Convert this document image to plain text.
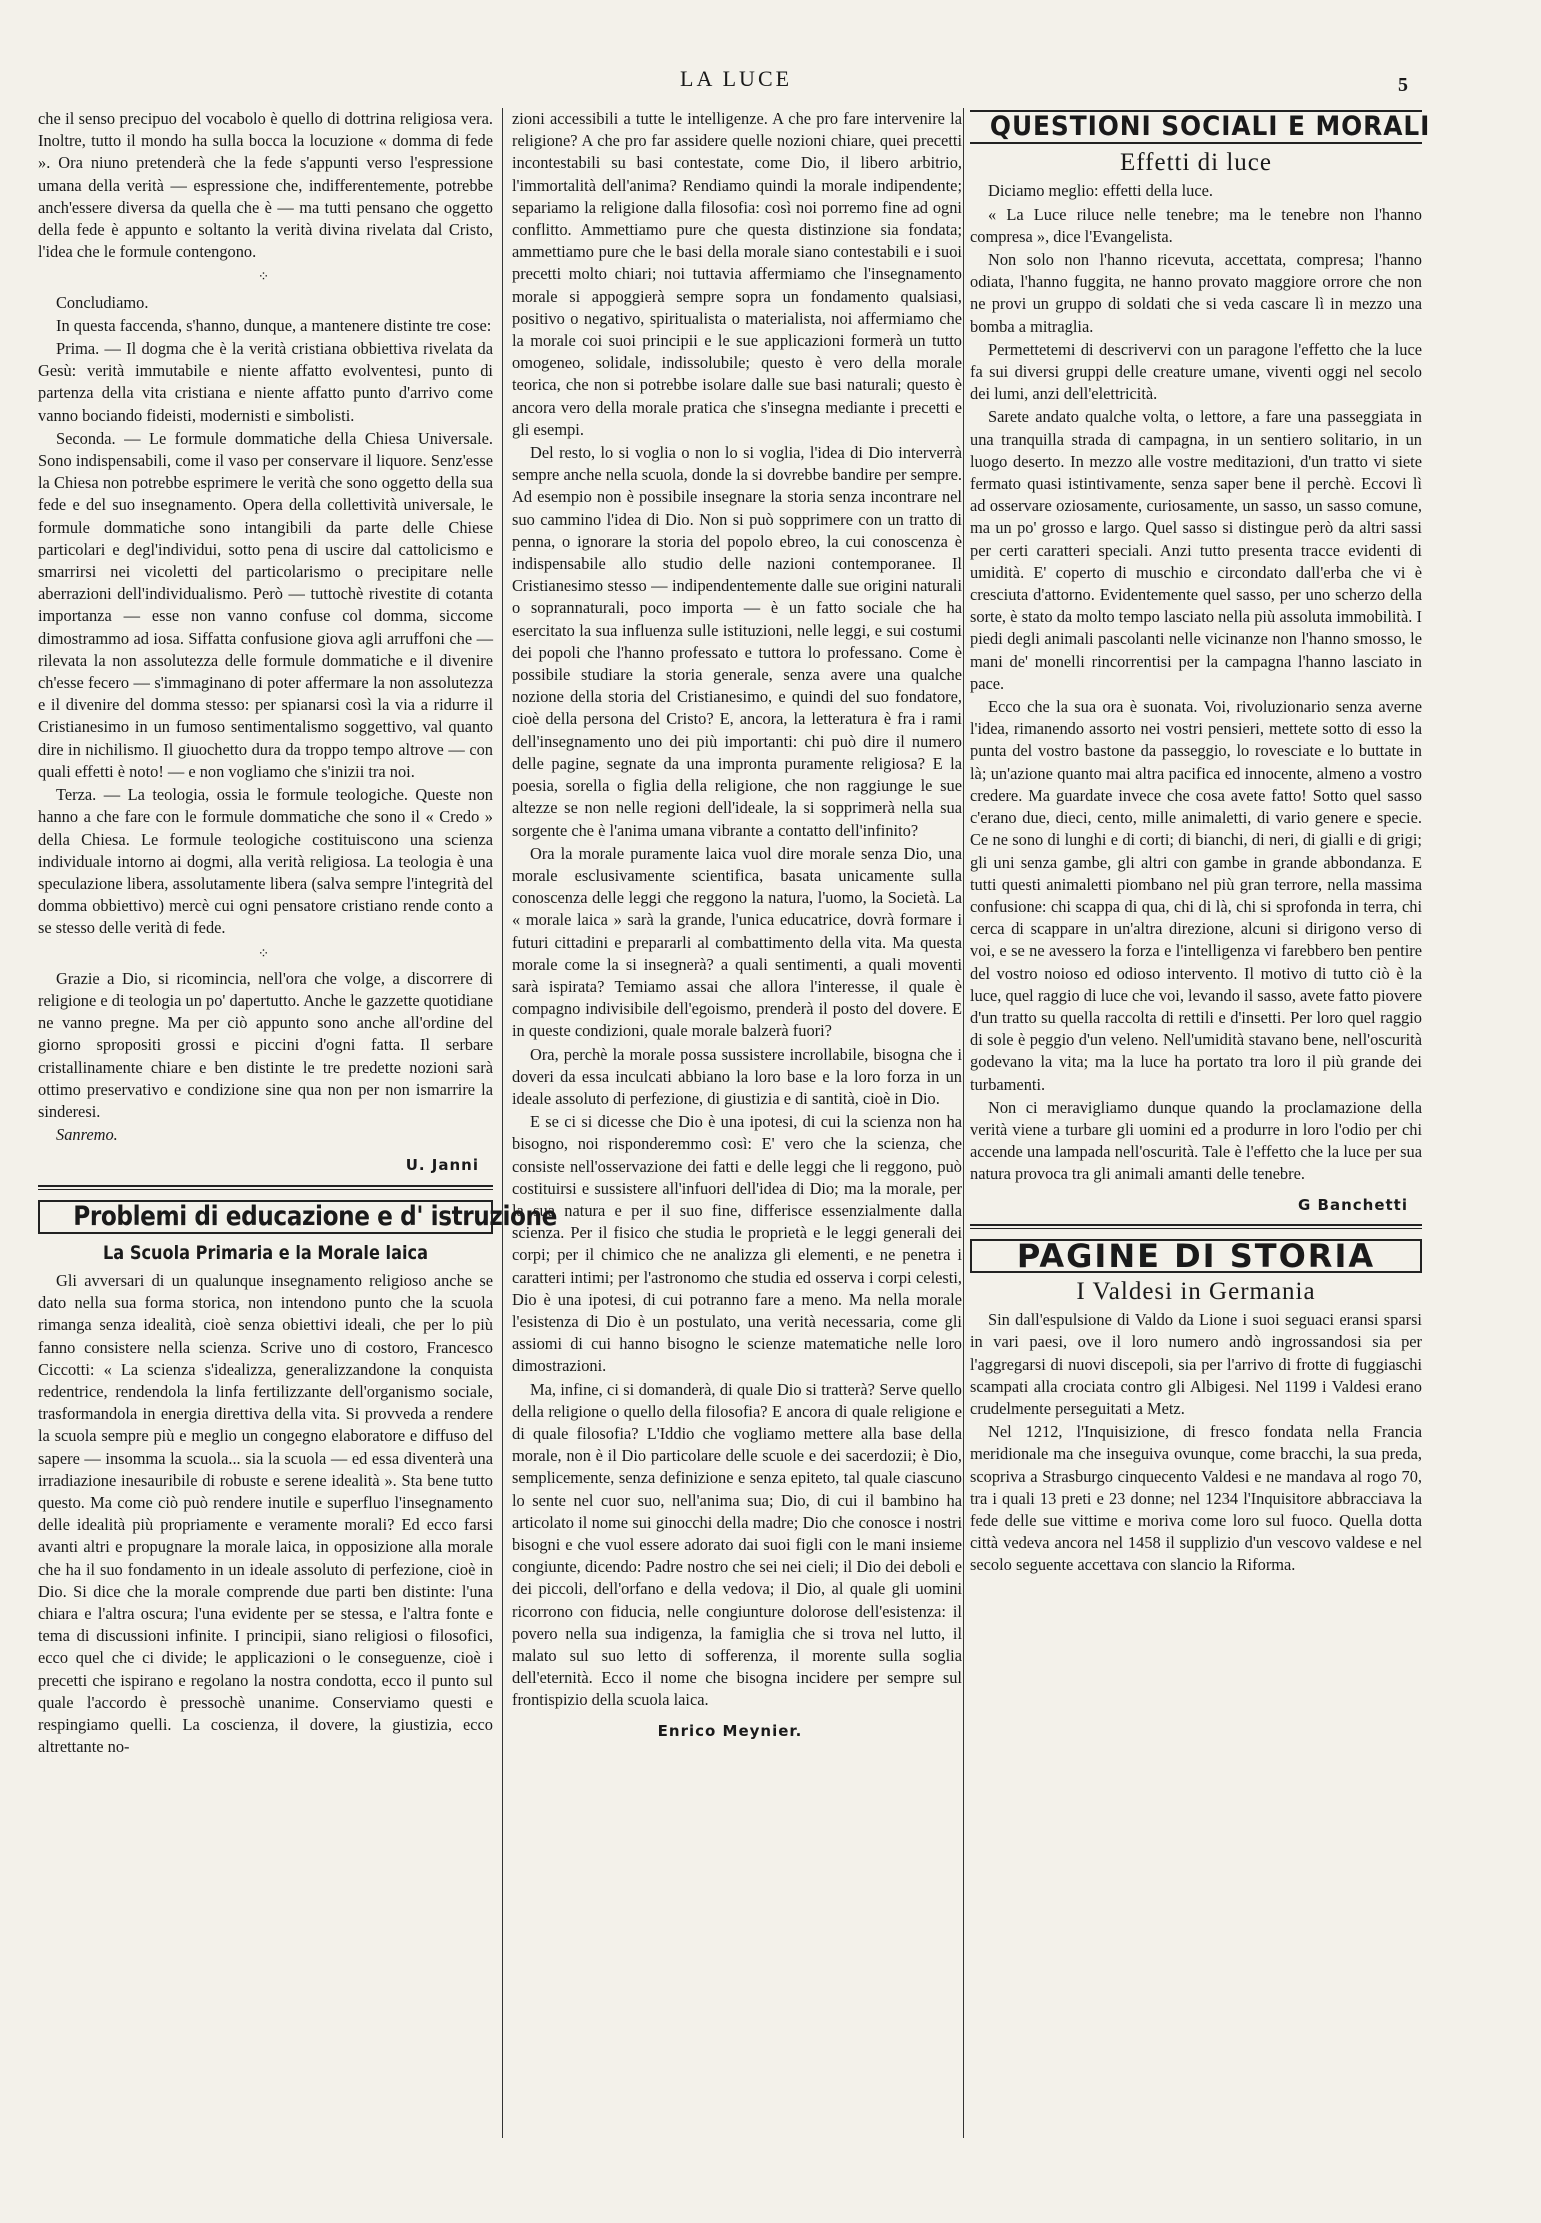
LA LUCE	5

che il senso precipuo del vocabolo è quello di dottrina religiosa vera. Inoltre, tutto il mondo ha sulla bocca la locuzione « domma di fede ». Ora niuno pretenderà che la fede s'appunti verso l'espressione umana della verità — espressione che, indifferentemente, potrebbe anch'essere diversa da quella che è — ma tutti pensano che oggetto della fede è appunto e soltanto la verità divina rivelata dal Cristo, l'idea che le formule contengono.

⁘

Concludiamo.

In questa faccenda, s'hanno, dunque, a mantenere distinte tre cose:

Prima. — Il dogma che è la verità cristiana obbiettiva rivelata da Gesù: verità immutabile e niente affatto evolventesi, punto di partenza della vita cristiana e niente affatto punto d'arrivo come vanno bociando fideisti, modernisti e simbolisti.

Seconda. — Le formule dommatiche della Chiesa Universale. Sono indispensabili, come il vaso per conservare il liquore. Senz'esse la Chiesa non potrebbe esprimere le verità che sono oggetto della sua fede e del suo insegnamento. Opera della collettività universale, le formule dommatiche sono intangibili da parte delle Chiese particolari e degl'individui, sotto pena di uscire dal cattolicismo e smarrirsi nei vicoletti del particolarismo o precipitare nelle aberrazioni dell'individualismo. Però — tuttochè rivestite di cotanta importanza — esse non vanno confuse col domma, siccome dimostrammo ad iosa. Siffatta confusione giova agli arruffoni che — rilevata la non assolutezza delle formule dommatiche e il divenire ch'esse fecero — s'immaginano di poter affermare la non assolutezza e il divenire del domma stesso: per spianarsi così la via a ridurre il Cristianesimo in un fumoso sentimentalismo soggettivo, val quanto dire in nichilismo. Il giuochetto dura da troppo tempo altrove — con quali effetti è noto! — e non vogliamo che s'inizii tra noi.

Terza. — La teologia, ossia le formule teologiche. Queste non hanno a che fare con le formule dommatiche che sono il « Credo » della Chiesa. Le formule teologiche costituiscono una scienza individuale intorno ai dogmi, alla verità religiosa. La teologia è una speculazione libera, assolutamente libera (salva sempre l'integrità del domma obbiettivo) mercè cui ogni pensatore cristiano rende conto a se stesso delle verità di fede.

⁘

Grazie a Dio, si ricomincia, nell'ora che volge, a discorrere di religione e di teologia un po' dapertutto. Anche le gazzette quotidiane ne vanno pregne. Ma per ciò appunto sono anche all'ordine del giorno spropositi grossi e piccini d'ogni fatta. Il serbare cristallinamente chiare e ben distinte le tre predette nozioni sarà ottimo preservativo e condizione sine qua non per non ismarrire la sinderesi.

Sanremo.

U. Janni
Problemi di educazione e d' istruzione
La Scuola Primaria e la Morale laica

Gli avversari di un qualunque insegnamento religioso anche se dato nella sua forma storica, non intendono punto che la scuola rimanga senza idealità, cioè senza obiettivi ideali, che per lo più fanno consistere nella scienza. Scrive uno di costoro, Francesco Ciccotti: « La scienza s'idealizza, generalizzandone la conquista redentrice, rendendola la linfa fertilizzante dell'organismo sociale, trasformandola in energia direttiva della vita. Si provveda a rendere la scuola sempre più e meglio un congegno elaboratore e diffuso del sapere — insomma la scuola... sia la scuola — ed essa diventerà una irradiazione inesauribile di robuste e serene idealità ». Sta bene tutto questo. Ma come ciò può rendere inutile e superfluo l'insegnamento delle idealità più propriamente e veramente morali? Ed ecco farsi avanti altri e propugnare la morale laica, in opposizione alla morale che ha il suo fondamento in un ideale assoluto di perfezione, cioè in Dio. Si dice che la morale comprende due parti ben distinte: l'una chiara e l'altra oscura; l'una evidente per se stessa, e l'altra fonte e tema di discussioni infinite. I principii, siano religiosi o filosofici, ecco quel che ci divide; le applicazioni o le conseguenze, cioè i precetti che ispirano e regolano la nostra condotta, ecco il punto sul quale l'accordo è pressochè unanime. Conserviamo questi e respingiamo quelli. La coscienza, il dovere, la giustizia, ecco altrettante no-

zioni accessibili a tutte le intelligenze. A che pro fare intervenire la religione? A che pro far assidere quelle nozioni chiare, quei precetti incontestabili su basi contestate, come Dio, il libero arbitrio, l'immortalità dell'anima? Rendiamo quindi la morale indipendente; separiamo la religione dalla filosofia: così noi porremo fine ad ogni conflitto. Ammettiamo pure che questa distinzione sia fondata; ammettiamo pure che le basi della morale siano contestabili e i suoi precetti molto chiari; noi tuttavia affermiamo che l'insegnamento morale si appoggierà sempre sopra un fondamento qualsiasi, positivo o negativo, spiritualista o materialista, noi affermiamo che la morale coi suoi principii e le sue applicazioni formerà un tutto omogeneo, solidale, indissolubile; questo è vero della morale teorica, che non si potrebbe isolare dalle sue basi naturali; questo è ancora vero della morale pratica che s'insegna mediante i precetti e gli esempi.

Del resto, lo si voglia o non lo si voglia, l'idea di Dio interverrà sempre anche nella scuola, donde la si dovrebbe bandire per sempre. Ad esempio non è possibile insegnare la storia senza incontrare nel suo cammino l'idea di Dio. Non si può sopprimere con un tratto di penna, o ignorare la storia del popolo ebreo, la cui conoscenza è indispensabile allo studio delle nazioni contemporanee. Il Cristianesimo stesso — indipendentemente dalle sue origini naturali o soprannaturali, poco importa — è un fatto sociale che ha esercitato la sua influenza sulle istituzioni, nelle leggi, e sui costumi dei popoli che l'hanno professato e tuttora lo professano. Come è possibile studiare la storia generale, senza avere una qualche nozione della storia del Cristianesimo, e quindi del suo fondatore, cioè della persona del Cristo? E, ancora, la letteratura è fra i rami dell'insegnamento uno dei più importanti: chi può dire il numero delle pagine, segnate da una impronta puramente religiosa? E la poesia, sorella o figlia della religione, che non raggiunge le sue altezze se non nelle regioni dell'ideale, la si sopprimerà nella sua sorgente che è l'anima umana vibrante a contatto dell'infinito?

Ora la morale puramente laica vuol dire morale senza Dio, una morale esclusivamente scientifica, basata unicamente sulla conoscenza delle leggi che reggono la natura, l'uomo, la Società. La « morale laica » sarà la grande, l'unica educatrice, dovrà formare i futuri cittadini e prepararli al combattimento della vita. Ma questa morale come la si insegnerà? a quali sentimenti, a quali moventi sarà ispirata? Temiamo assai che allora l'interesse, il quale è compagno indivisibile dell'egoismo, prenderà il posto del dovere. E in queste condizioni, quale morale balzerà fuori?

Ora, perchè la morale possa sussistere incrollabile, bisogna che i doveri da essa inculcati abbiano la loro base e la loro forza in un ideale assoluto di perfezione, di giustizia e di santità, cioè in Dio.

E se ci si dicesse che Dio è una ipotesi, di cui la scienza non ha bisogno, noi risponderemmo così: E' vero che la scienza, che consiste nell'osservazione dei fatti e delle leggi che li reggono, può costituirsi e sussistere all'infuori dell'idea di Dio; ma la morale, per la sua natura e per il suo fine, differisce essenzialmente dalla scienza. Per il fisico che studia le proprietà e le leggi generali dei corpi; per il chimico che ne analizza gli elementi, e ne penetra i caratteri intimi; per l'astronomo che studia ed osserva i corpi celesti, Dio è una ipotesi, di cui potranno fare a meno. Ma nella morale l'esistenza di Dio è un postulato, una verità necessaria, come gli assiomi di cui hanno bisogno le scienze matematiche nelle loro dimostrazioni.

Ma, infine, ci si domanderà, di quale Dio si tratterà? Serve quello della religione o quello della filosofia? E ancora di quale religione e di quale filosofia? L'Iddio che vogliamo mettere alla base della morale, non è il Dio particolare delle scuole e dei sacerdozii; è Dio, semplicemente, senza definizione e senza epiteto, tal quale ciascuno lo sente nel cuor suo, nell'anima sua; Dio, di cui il bambino ha articolato il nome sui ginocchi della madre; Dio che conosce i nostri bisogni e che vuol essere adorato dai suoi figli con le mani insieme congiunte, dicendo: Padre nostro che sei nei cieli; il Dio dei deboli e dei piccoli, dell'orfano e della vedova; il Dio, al quale gli uomini ricorrono con fiducia, nelle congiunture dolorose dell'esistenza: il povero nella sua indigenza, la famiglia che si trova nel lutto, il malato sul suo letto di sofferenza, il morente sulla soglia dell'eternità. Ecco il nome che bisogna incidere per sempre sul frontispizio della scuola laica.

Enrico Meynier.
QUESTIONI SOCIALI E MORALI
Effetti di luce

Diciamo meglio: effetti della luce.

« La Luce riluce nelle tenebre; ma le tenebre non l'hanno compresa », dice l'Evangelista.

Non solo non l'hanno ricevuta, accettata, compresa; l'hanno odiata, l'hanno fuggita, ne hanno provato maggiore orrore che non ne provi un gruppo di soldati che si veda cascare lì in mezzo una bomba a mitraglia.

Permettetemi di descrivervi con un paragone l'effetto che la luce fa sui diversi gruppi delle creature umane, viventi oggi nel secolo dei lumi, anzi dell'elettricità.

Sarete andato qualche volta, o lettore, a fare una passeggiata in una tranquilla strada di campagna, in un sentiero solitario, in un luogo deserto. In mezzo alle vostre meditazioni, d'un tratto vi siete fermato quasi istintivamente, senza saper bene il perchè. Eccovi lì ad osservare oziosamente, curiosamente, un sasso, un sasso comune, ma un po' grosso e largo. Quel sasso si distingue però da altri sassi per certi caratteri speciali. Anzi tutto presenta tracce evidenti di umidità. E' coperto di muschio e circondato dall'erba che vi è cresciuta d'attorno. Evidentemente quel sasso, per uno scherzo della sorte, è stato da molto tempo lasciato nella più assoluta immobilità. I piedi degli animali pascolanti nelle vicinanze non l'hanno smosso, le mani de' monelli rincorrentisi per la campagna l'hanno lasciato in pace.

Ecco che la sua ora è suonata. Voi, rivoluzionario senza averne l'idea, rimanendo assorto nei vostri pensieri, mettete sotto di esso la punta del vostro bastone da passeggio, lo rovesciate e lo buttate in là; un'azione quanto mai altra pacifica ed innocente, almeno a vostro credere. Ma guardate invece che cosa avete fatto! Sotto quel sasso c'erano due, dieci, cento, mille animaletti, di vario genere e specie. Ce ne sono di lunghi e di corti; di bianchi, di neri, di gialli e di grigi; gli uni senza gambe, gli altri con gambe in grande abbondanza. E tutti questi animaletti piombano nel più gran terrore, nella massima confusione: chi scappa di qua, chi di là, chi si sprofonda in terra, chi cerca di scappare in un'altra direzione, alcuni si dirigono verso di voi, e se ne avessero la forza e l'intelligenza vi farebbero ben pentire del vostro noioso ed odioso intervento. Il motivo di tutto ciò è la luce, quel raggio di luce che voi, levando il sasso, avete fatto piovere d'un tratto su quella raccolta di rettili e d'insetti. Per loro quel raggio di sole è peggio d'un veleno. Nell'umidità stavano bene, nell'oscurità godevano la vita; ma la luce ha portato tra loro il più grande dei turbamenti.

Non ci meravigliamo dunque quando la proclamazione della verità viene a turbare gli uomini ed a produrre in loro l'odio per chi accende una lampada nell'oscurità. Tale è l'effetto che la luce per sua natura provoca tra gli animali amanti delle tenebre.

G Banchetti
PAGINE DI STORIA
I Valdesi in Germania

Sin dall'espulsione di Valdo da Lione i suoi seguaci eransi sparsi in vari paesi, ove il loro numero andò ingrossandosi sia per l'aggregarsi di nuovi discepoli, sia per l'arrivo di frotte di fuggiaschi scampati alla crociata contro gli Albigesi. Nel 1199 i Valdesi erano crudelmente perseguitati a Metz.

Nel 1212, l'Inquisizione, di fresco fondata nella Francia meridionale ma che inseguiva ovunque, come bracchi, la sua preda, scopriva a Strasburgo cinquecento Valdesi e ne mandava al rogo 70, tra i quali 13 preti e 23 donne; nel 1234 l'Inquisitore abbracciava la fede delle sue vittime e moriva come loro sul fuoco. Quella dotta città vedeva ancora nel 1458 il supplizio d'un vescovo valdese e nel secolo seguente accettava con slancio la Riforma.
